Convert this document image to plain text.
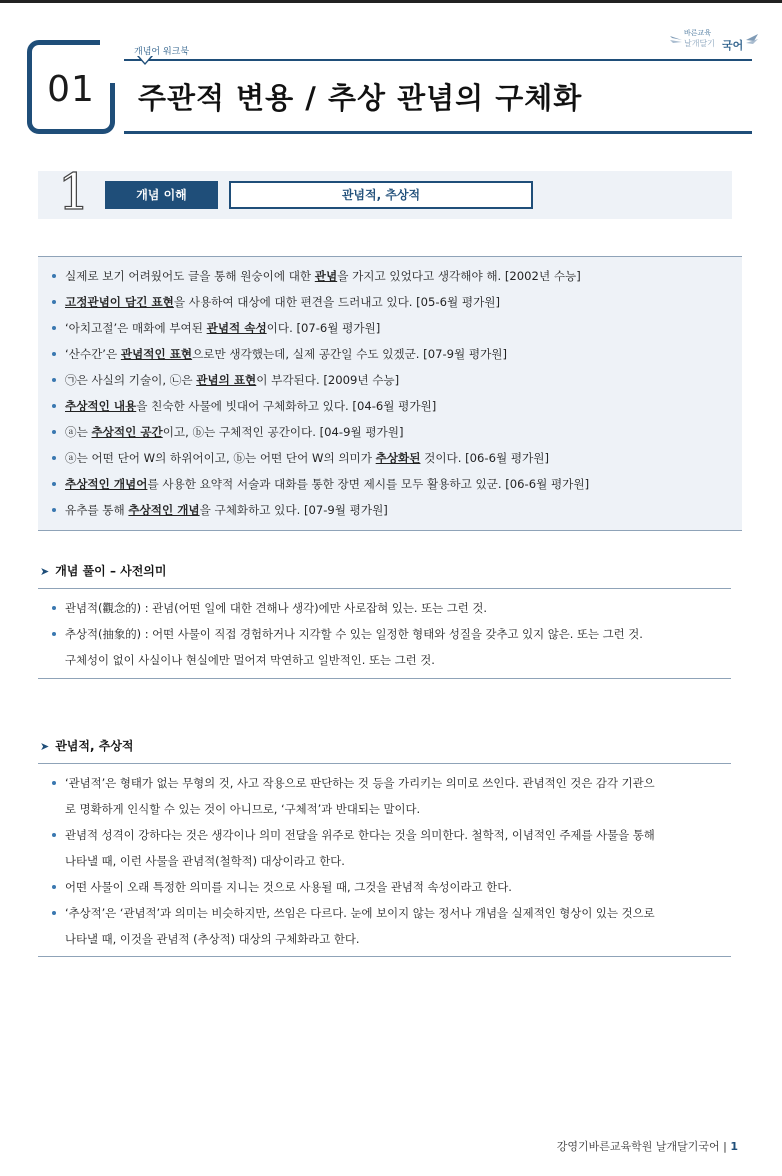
01
개념어 워크북
주관적 변용 / 추상 관념의 구체화
바른교육
날개달기 국어
1	개념 이해	관념적, 추상적
실제로 보기 어려웠어도 글을 통해 원숭이에 대한 관념을 가지고 있었다고 생각해야 해. [2002년 수능]
고정관념이 담긴 표현을 사용하여 대상에 대한 편견을 드러내고 있다. [05-6월 평가원]
‘아치고절’은 매화에 부여된 관념적 속성이다. [07-6월 평가원]
‘산수간’은 관념적인 표현으로만 생각했는데, 실제 공간일 수도 있겠군. [07-9월 평가원]
㉠은 사실의 기술이, ㉡은 관념의 표현이 부각된다. [2009년 수능]
추상적인 내용을 친숙한 사물에 빗대어 구체화하고 있다. [04-6월 평가원]
ⓐ는 추상적인 공간이고, ⓑ는 구체적인 공간이다. [04-9월 평가원]
ⓐ는 어떤 단어 W의 하위어이고, ⓑ는 어떤 단어 W의 의미가 추상화된 것이다. [06-6월 평가원]
추상적인 개념어를 사용한 요약적 서술과 대화를 통한 장면 제시를 모두 활용하고 있군. [06-6월 평가원]
유추를 통해 추상적인 개념을 구체화하고 있다. [07-9월 평가원]
➤ 개념 풀이 – 사전의미
관념적(觀念的) : 관념(어떤 일에 대한 견해나 생각)에만 사로잡혀 있는. 또는 그런 것.
추상적(抽象的) : 어떤 사물이 직접 경험하거나 지각할 수 있는 일정한 형태와 성질을 갖추고 있지 않은. 또는 그런 것.
구체성이 없이 사실이나 현실에만 멀어져 막연하고 일반적인. 또는 그런 것.
➤ 관념적, 추상적
‘관념적’은 형태가 없는 무형의 것, 사고 작용으로 판단하는 것 등을 가리키는 의미로 쓰인다. 관념적인 것은 감각 기관으
로 명확하게 인식할 수 있는 것이 아니므로, ‘구체적’과 반대되는 말이다.
관념적 성격이 강하다는 것은 생각이나 의미 전달을 위주로 한다는 것을 의미한다. 철학적, 이념적인 주제를 사물을 통해
나타낼 때, 이런 사물을 관념적(철학적) 대상이라고 한다.
어떤 사물이 오래 특정한 의미를 지니는 것으로 사용될 때, 그것을 관념적 속성이라고 한다.
‘추상적’은 ‘관념적’과 의미는 비슷하지만, 쓰임은 다르다. 눈에 보이지 않는 정서나 개념을 실제적인 형상이 있는 것으로
나타낼 때, 이것을 관념적 (추상적) 대상의 구체화라고 한다.
강영기바른교육학원 날개달기국어 | 1
